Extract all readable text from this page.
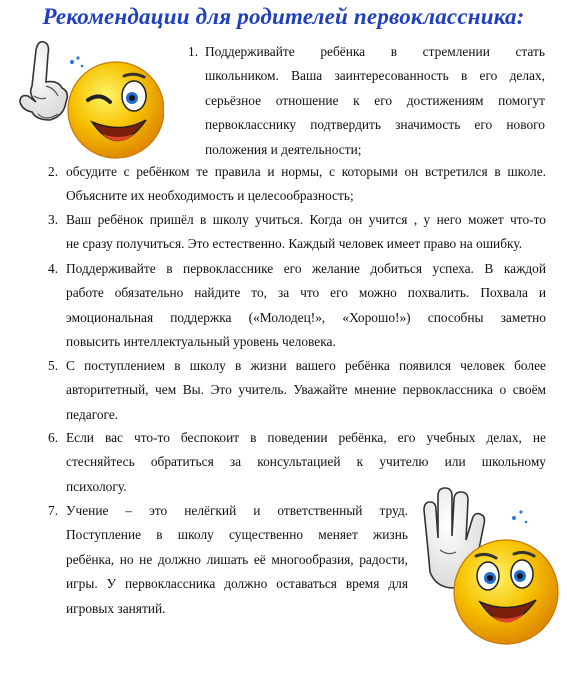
Рекомендации для родителей первоклассника:
1. Поддерживайте ребёнка в стремлении стать
школьником. Ваша заинтересованность в его делах,
серьёзное отношение к его достижениям помогут
первокласснику подтвердить значимость его нового
положения и деятельности;
2. обсудите с ребёнком те правила и нормы, с которыми он встретился в школе.
Объясните их необходимость и целесообразность;
3. Ваш ребёнок пришёл в школу учиться. Когда он учится , у него может что-то
не сразу получиться. Это естественно. Каждый человек имеет право на ошибку.
4. Поддерживайте в первокласснике его желание добиться успеха. В каждой
работе обязательно найдите то, за что его можно похвалить. Похвала и
эмоциональная поддержка («Молодец!», «Хорошо!») способны заметно
повысить интеллектуальный уровень человека.
5. С поступлением в школу в жизни вашего ребёнка появился человек более
авторитетный, чем Вы. Это учитель. Уважайте мнение первоклассника о своём
педагоге.
6. Если вас что-то беспокоит в поведении ребёнка, его учебных делах, не
стесняйтесь обратиться за консультацией к учителю или школьному
психологу.
7. Учение – это нелёгкий и ответственный труд.
Поступление в школу существенно меняет жизнь
ребёнка, но не должно лишать её многообразия, радости,
игры. У первоклассника должно оставаться время для
игровых занятий.
